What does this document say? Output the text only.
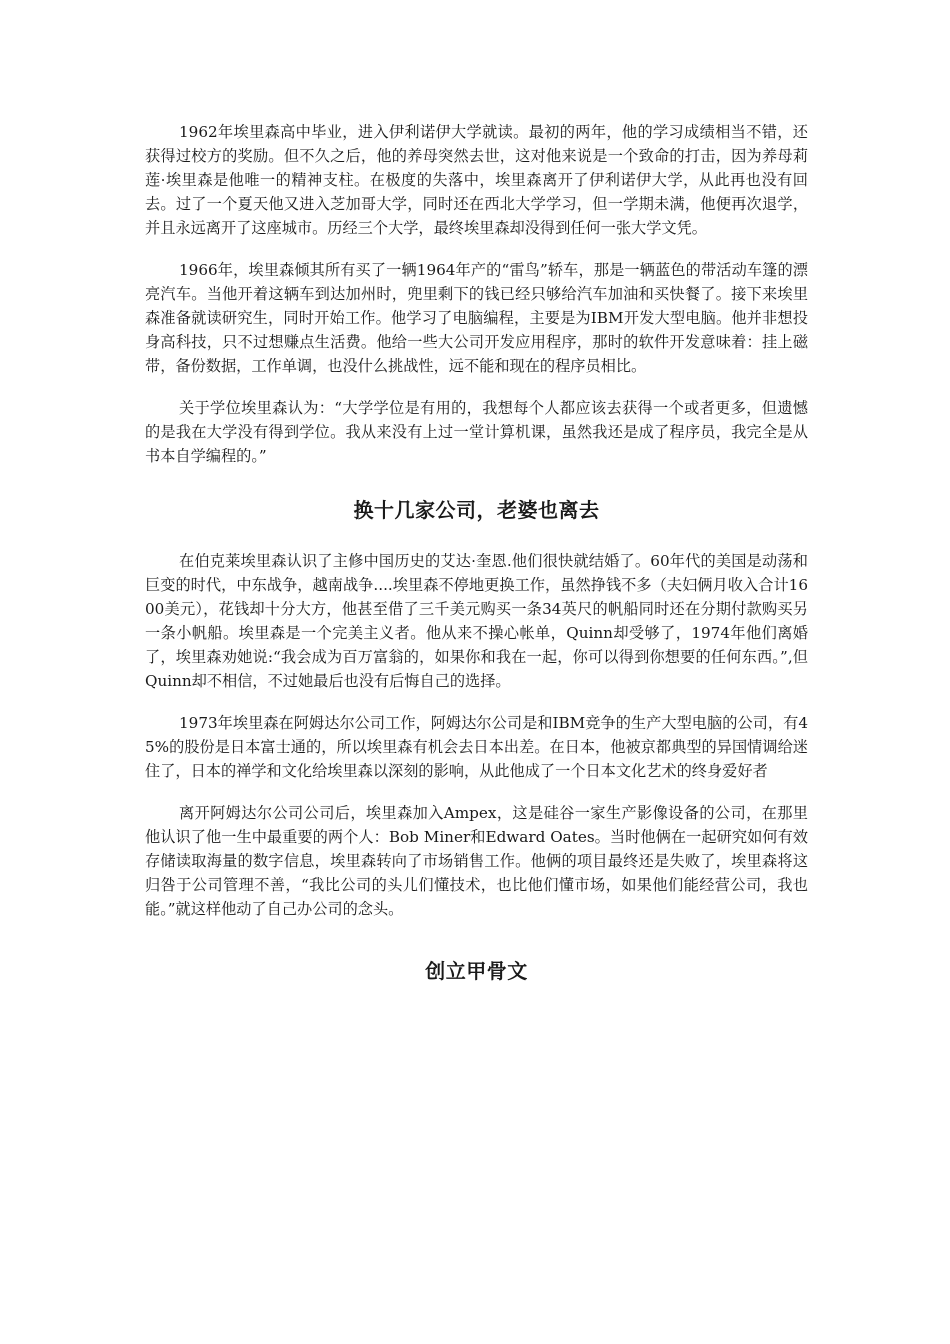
1962年埃里森高中毕业，进入伊利诺伊大学就读。最初的两年，他的学习成绩相当不错，还获得过校方的奖励。但不久之后，他的养母突然去世，这对他来说是一个致命的打击，因为养母莉莲·埃里森是他唯一的精神支柱。在极度的失落中，埃里森离开了伊利诺伊大学，从此再也没有回去。过了一个夏天他又进入芝加哥大学，同时还在西北大学学习，但一学期未满，他便再次退学，并且永远离开了这座城市。历经三个大学，最终埃里森却没得到任何一张大学文凭。

1966年，埃里森倾其所有买了一辆1964年产的“雷鸟”轿车，那是一辆蓝色的带活动车篷的漂亮汽车。当他开着这辆车到达加州时，兜里剩下的钱已经只够给汽车加油和买快餐了。接下来埃里森准备就读研究生，同时开始工作。他学习了电脑编程，主要是为IBM开发大型电脑。他并非想投身高科技，只不过想赚点生活费。他给一些大公司开发应用程序，那时的软件开发意味着：挂上磁带，备份数据，工作单调，也没什么挑战性，远不能和现在的程序员相比。

关于学位埃里森认为：“大学学位是有用的，我想每个人都应该去获得一个或者更多，但遗憾的是我在大学没有得到学位。我从来没有上过一堂计算机课，虽然我还是成了程序员，我完全是从书本自学编程的。”

换十几家公司，老婆也离去

在伯克莱埃里森认识了主修中国历史的艾达·奎恩.他们很快就结婚了。60年代的美国是动荡和巨变的时代，中东战争，越南战争....埃里森不停地更换工作，虽然挣钱不多（夫妇俩月收入合计1600美元），花钱却十分大方，他甚至借了三千美元购买一条34英尺的帆船同时还在分期付款购买另一条小帆船。埃里森是一个完美主义者。他从来不操心帐单，Quinn却受够了，1974年他们离婚了，埃里森劝她说:“我会成为百万富翁的，如果你和我在一起，你可以得到你想要的任何东西。”,但Quinn却不相信，不过她最后也没有后悔自己的选择。

1973年埃里森在阿姆达尔公司工作，阿姆达尔公司是和IBM竞争的生产大型电脑的公司，有45%的股份是日本富士通的，所以埃里森有机会去日本出差。在日本，他被京都典型的异国情调给迷住了，日本的禅学和文化给埃里森以深刻的影响，从此他成了一个日本文化艺术的终身爱好者

离开阿姆达尔公司公司后，埃里森加入Ampex，这是硅谷一家生产影像设备的公司，在那里他认识了他一生中最重要的两个人：Bob Miner和Edward Oates。当时他俩在一起研究如何有效存储读取海量的数字信息，埃里森转向了市场销售工作。他俩的项目最终还是失败了，埃里森将这归咎于公司管理不善，“我比公司的头儿们懂技术，也比他们懂市场，如果他们能经营公司，我也能。”就这样他动了自己办公司的念头。

创立甲骨文
